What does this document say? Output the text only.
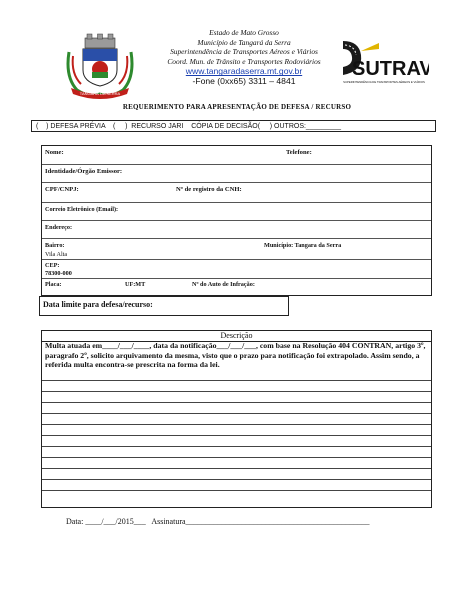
TANGARÁ DA SERRA
Estado de Mato Grosso
Município de Tangará da Serra
Superintendência de Transportes Aéreos e Viários
Coord. Mun. de Trânsito e Transportes Rodoviários
www.tangaradaserra.mt.gov.br
-Fone (0xx65) 3311 – 4841
SUTRAV
SUPERINTENDÊNCIA DE TRANSPORTES AÉREOS E VIÁRIOS
REQUERIMENTO PARA APRESENTAÇÃO DE DEFESA / RECURSO
(    ) DEFESA PRÉVIA    (     )  RECURSO JARI    CÓPIA DE DECISÃO(     ) OUTROS:_________
Nome:	Telefone:
Identidade/Órgão Emissor:
CPF/CNPJ:	Nº de registro da CNH:
Correio Eletrônico (Email):
Endereço:
Bairro:	Município: Tangara da Serra
Vila Alta
CEP:
78300-000
Placa:	UF:MT	Nº do Auto de Infração:
Data limite para defesa/recurso:
Descrição
Multa atuada em____/___/____, data da notificação___/___/___, com base na Resolução 404 CONTRAN, artigo 3º, paragrafo 2º, solicito arquivamento da mesma, visto que o prazo para notificação foi extrapolado. Assim sendo, a referida multa encontra-se prescrita na forma da lei.
Data: ____/___/2015___   Assinatura______________________________________________
